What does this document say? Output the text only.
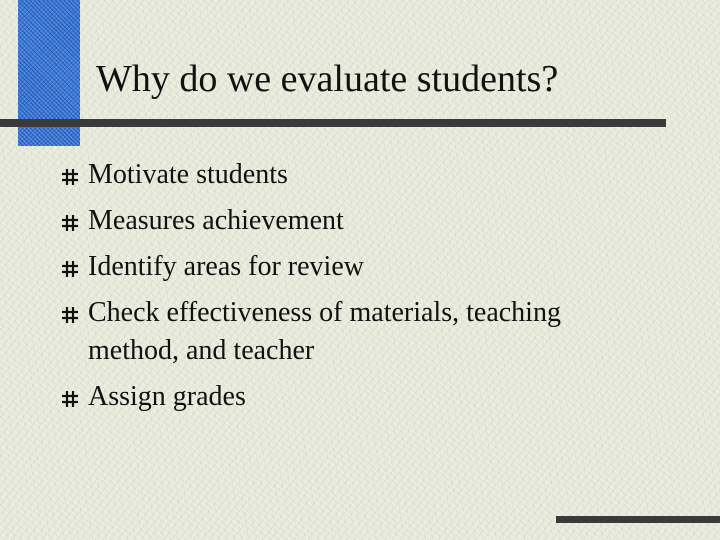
Why do we evaluate students?
Motivate students
Measures achievement
Identify areas for review
Check effectiveness of materials, teaching method, and teacher
Assign grades
